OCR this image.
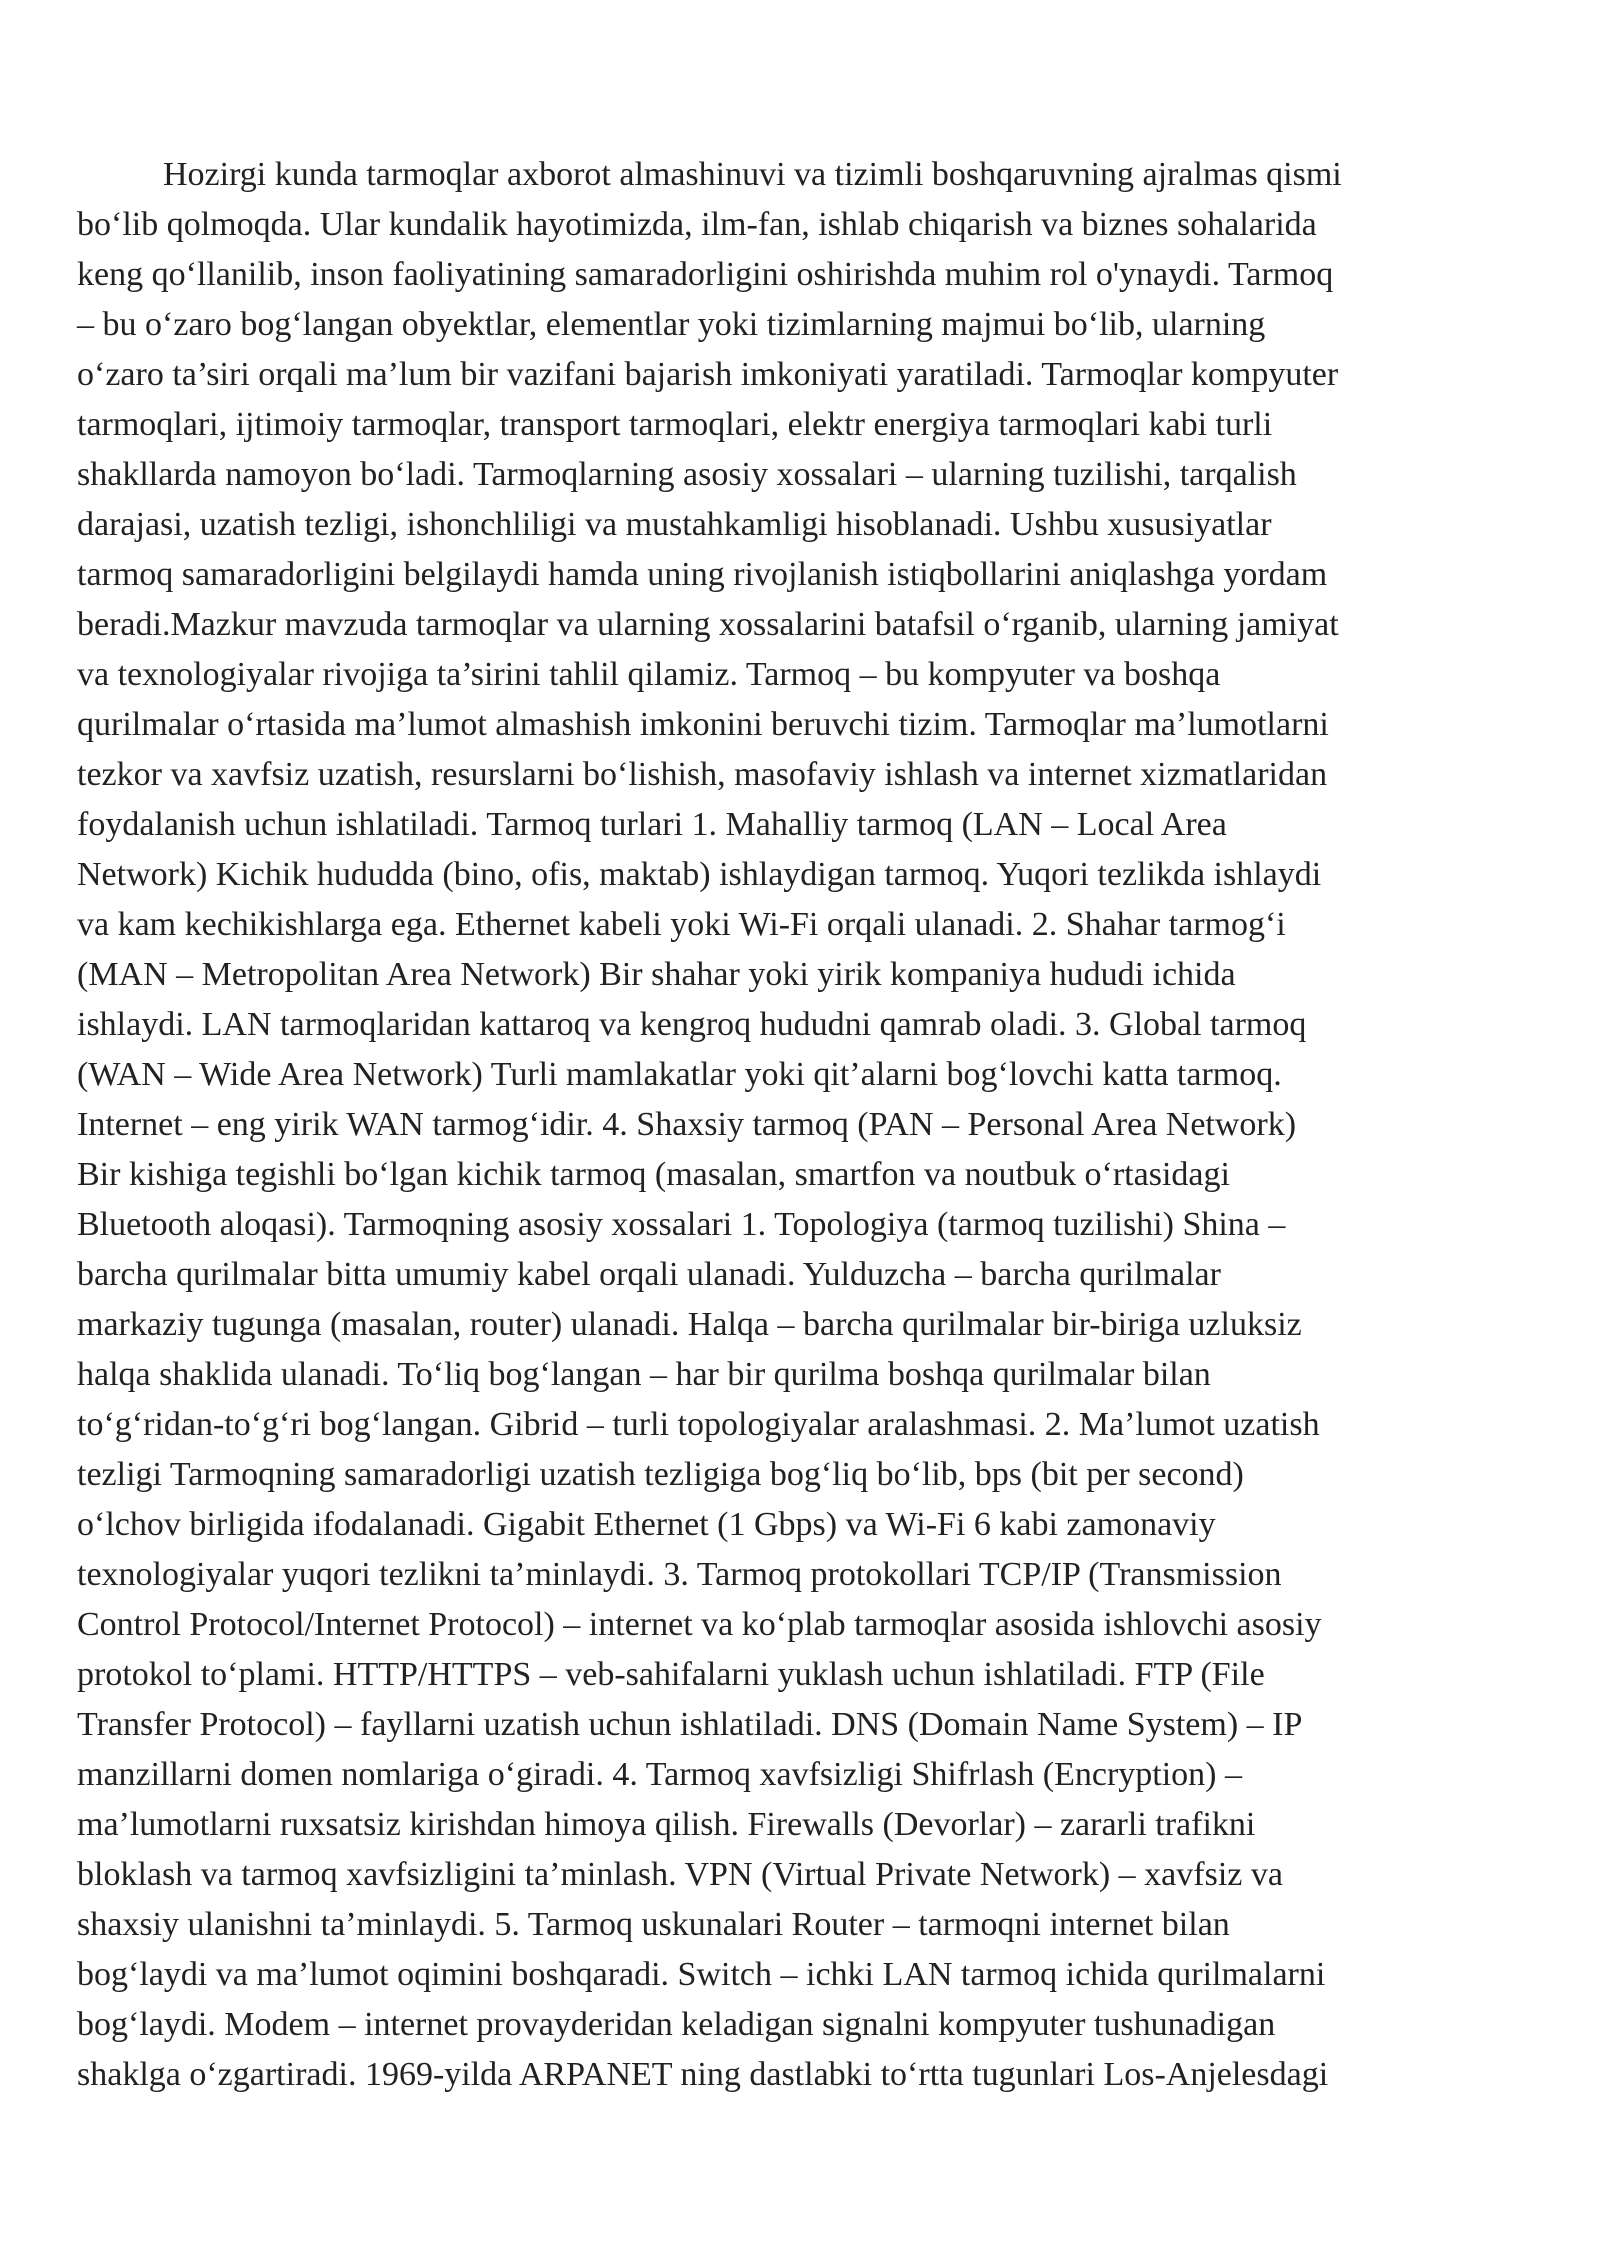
Hozirgi kunda tarmoqlar axborot almashinuvi va tizimli boshqaruvning ajralmas qismi
bo‘lib qolmoqda. Ular kundalik hayotimizda, ilm-fan, ishlab chiqarish va biznes sohalarida
keng qo‘llanilib, inson faoliyatining samaradorligini oshirishda muhim rol o'ynaydi. Tarmoq
– bu o‘zaro bog‘langan obyektlar, elementlar yoki tizimlarning majmui bo‘lib, ularning
o‘zaro ta’siri orqali ma’lum bir vazifani bajarish imkoniyati yaratiladi. Tarmoqlar kompyuter
tarmoqlari, ijtimoiy tarmoqlar, transport tarmoqlari, elektr energiya tarmoqlari kabi turli
shakllarda namoyon bo‘ladi. Tarmoqlarning asosiy xossalari – ularning tuzilishi, tarqalish
darajasi, uzatish tezligi, ishonchliligi va mustahkamligi hisoblanadi. Ushbu xususiyatlar
tarmoq samaradorligini belgilaydi hamda uning rivojlanish istiqbollarini aniqlashga yordam
beradi.Mazkur mavzuda tarmoqlar va ularning xossalarini batafsil o‘rganib, ularning jamiyat
va texnologiyalar rivojiga ta’sirini tahlil qilamiz. Tarmoq – bu kompyuter va boshqa
qurilmalar o‘rtasida ma’lumot almashish imkonini beruvchi tizim. Tarmoqlar ma’lumotlarni
tezkor va xavfsiz uzatish, resurslarni bo‘lishish, masofaviy ishlash va internet xizmatlaridan
foydalanish uchun ishlatiladi. Tarmoq turlari 1. Mahalliy tarmoq (LAN – Local Area
Network) Kichik hududda (bino, ofis, maktab) ishlaydigan tarmoq. Yuqori tezlikda ishlaydi
va kam kechikishlarga ega. Ethernet kabeli yoki Wi-Fi orqali ulanadi. 2. Shahar tarmog‘i
(MAN – Metropolitan Area Network) Bir shahar yoki yirik kompaniya hududi ichida
ishlaydi. LAN tarmoqlaridan kattaroq va kengroq hududni qamrab oladi. 3. Global tarmoq
(WAN – Wide Area Network) Turli mamlakatlar yoki qit’alarni bog‘lovchi katta tarmoq.
Internet – eng yirik WAN tarmog‘idir. 4. Shaxsiy tarmoq (PAN – Personal Area Network)
Bir kishiga tegishli bo‘lgan kichik tarmoq (masalan, smartfon va noutbuk o‘rtasidagi
Bluetooth aloqasi). Tarmoqning asosiy xossalari 1. Topologiya (tarmoq tuzilishi) Shina –
barcha qurilmalar bitta umumiy kabel orqali ulanadi. Yulduzcha – barcha qurilmalar
markaziy tugunga (masalan, router) ulanadi. Halqa – barcha qurilmalar bir-biriga uzluksiz
halqa shaklida ulanadi. To‘liq bog‘langan – har bir qurilma boshqa qurilmalar bilan
to‘g‘ridan-to‘g‘ri bog‘langan. Gibrid – turli topologiyalar aralashmasi. 2. Ma’lumot uzatish
tezligi Tarmoqning samaradorligi uzatish tezligiga bog‘liq bo‘lib, bps (bit per second)
o‘lchov birligida ifodalanadi. Gigabit Ethernet (1 Gbps) va Wi-Fi 6 kabi zamonaviy
texnologiyalar yuqori tezlikni ta’minlaydi. 3. Tarmoq protokollari TCP/IP (Transmission
Control Protocol/Internet Protocol) – internet va ko‘plab tarmoqlar asosida ishlovchi asosiy
protokol to‘plami. HTTP/HTTPS – veb-sahifalarni yuklash uchun ishlatiladi. FTP (File
Transfer Protocol) – fayllarni uzatish uchun ishlatiladi. DNS (Domain Name System) – IP
manzillarni domen nomlariga o‘giradi. 4. Tarmoq xavfsizligi Shifrlash (Encryption) –
ma’lumotlarni ruxsatsiz kirishdan himoya qilish. Firewalls (Devorlar) – zararli trafikni
bloklash va tarmoq xavfsizligini ta’minlash. VPN (Virtual Private Network) – xavfsiz va
shaxsiy ulanishni ta’minlaydi. 5. Tarmoq uskunalari Router – tarmoqni internet bilan
bog‘laydi va ma’lumot oqimini boshqaradi. Switch – ichki LAN tarmoq ichida qurilmalarni
bog‘laydi. Modem – internet provayderidan keladigan signalni kompyuter tushunadigan
shaklga o‘zgartiradi. 1969-yilda ARPANET ning dastlabki to‘rtta tugunlari Los-Anjelesdagi
